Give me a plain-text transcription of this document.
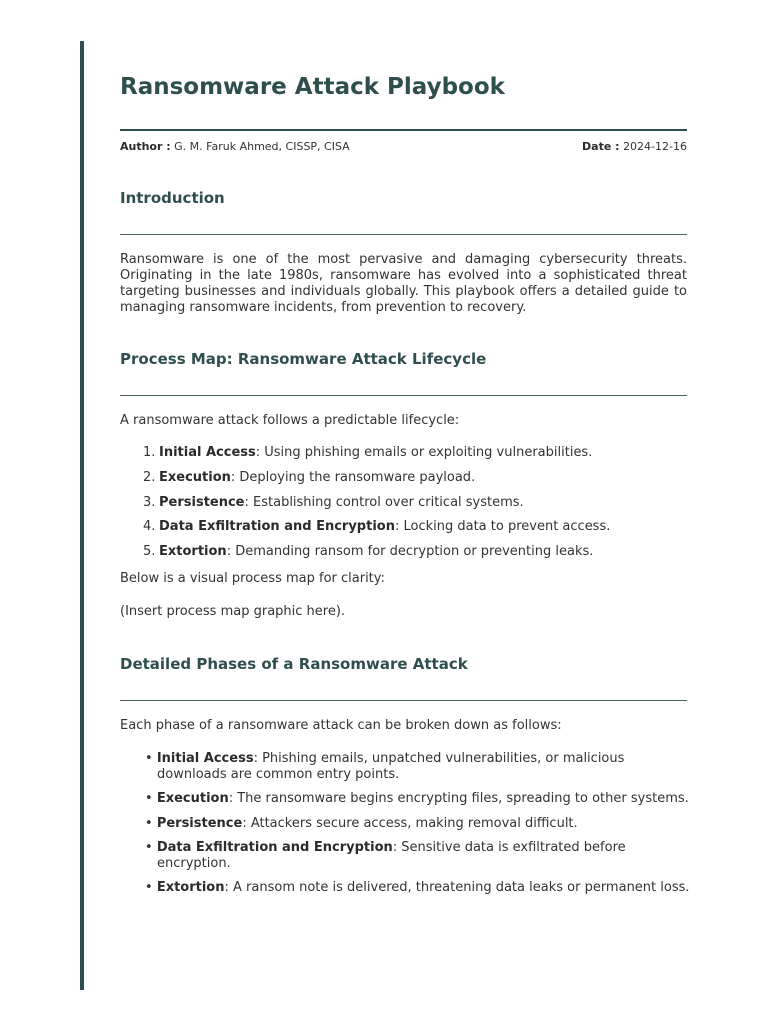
Ransomware Attack Playbook
Author : G. M. Faruk Ahmed, CISSP, CISA	Date : 2024-12-16
Introduction

Ransomware is one of the most pervasive and damaging cybersecurity threats. Originating in the late 1980s, ransomware has evolved into a sophisticated threat targeting businesses and individuals globally. This playbook offers a detailed guide to managing ransomware incidents, from prevention to recovery.

Process Map: Ransomware Attack Lifecycle

A ransomware attack follows a predictable lifecycle:

1. Initial Access: Using phishing emails or exploiting vulnerabilities.
2. Execution: Deploying the ransomware payload.
3. Persistence: Establishing control over critical systems.
4. Data Exfiltration and Encryption: Locking data to prevent access.
5. Extortion: Demanding ransom for decryption or preventing leaks.

Below is a visual process map for clarity:

(Insert process map graphic here).

Detailed Phases of a Ransomware Attack

Each phase of a ransomware attack can be broken down as follows:

• Initial Access: Phishing emails, unpatched vulnerabilities, or malicious downloads are common entry points.
• Execution: The ransomware begins encrypting files, spreading to other systems.
• Persistence: Attackers secure access, making removal difficult.
• Data Exfiltration and Encryption: Sensitive data is exfiltrated before encryption.
• Extortion: A ransom note is delivered, threatening data leaks or permanent loss.
